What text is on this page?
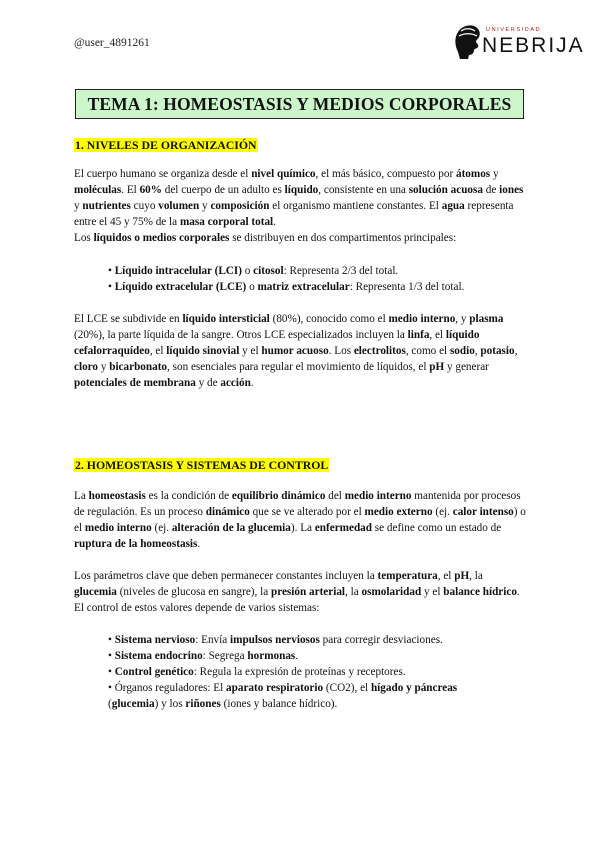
@user_4891261
UNIVERSIDAD
NEBRIJA
TEMA 1: HOMEOSTASIS Y MEDIOS CORPORALES
1. NIVELES DE ORGANIZACIÓN
El cuerpo humano se organiza desde el nivel químico, el más básico, compuesto por átomos y moléculas. El 60% del cuerpo de un adulto es líquido, consistente en una solución acuosa de iones y nutrientes cuyo volumen y composición el organismo mantiene constantes. El agua representa entre el 45 y 75% de la masa corporal total.
Los líquidos o medios corporales se distribuyen en dos compartimentos principales:
• Líquido intracelular (LCI) o citosol: Representa 2/3 del total.
• Líquido extracelular (LCE) o matriz extracelular: Representa 1/3 del total.
El LCE se subdivide en líquido intersticial (80%), conocido como el medio interno, y plasma (20%), la parte líquida de la sangre. Otros LCE especializados incluyen la linfa, el líquido cefalorraquídeo, el líquido sinovial y el humor acuoso. Los electrolitos, como el sodio, potasio, cloro y bicarbonato, son esenciales para regular el movimiento de líquidos, el pH y generar potenciales de membrana y de acción.
2. HOMEOSTASIS Y SISTEMAS DE CONTROL
La homeostasis es la condición de equilibrio dinámico del medio interno mantenida por procesos de regulación. Es un proceso dinámico que se ve alterado por el medio externo (ej. calor intenso) o el medio interno (ej. alteración de la glucemia). La enfermedad se define como un estado de ruptura de la homeostasis.
Los parámetros clave que deben permanecer constantes incluyen la temperatura, el pH, la glucemia (niveles de glucosa en sangre), la presión arterial, la osmolaridad y el balance hídrico. El control de estos valores depende de varios sistemas:
• Sistema nervioso: Envía impulsos nerviosos para corregir desviaciones.
• Sistema endocrino: Segrega hormonas.
• Control genético: Regula la expresión de proteínas y receptores.
• Órganos reguladores: El aparato respiratorio (CO2), el hígado y páncreas
(glucemia) y los riñones (iones y balance hídrico).
